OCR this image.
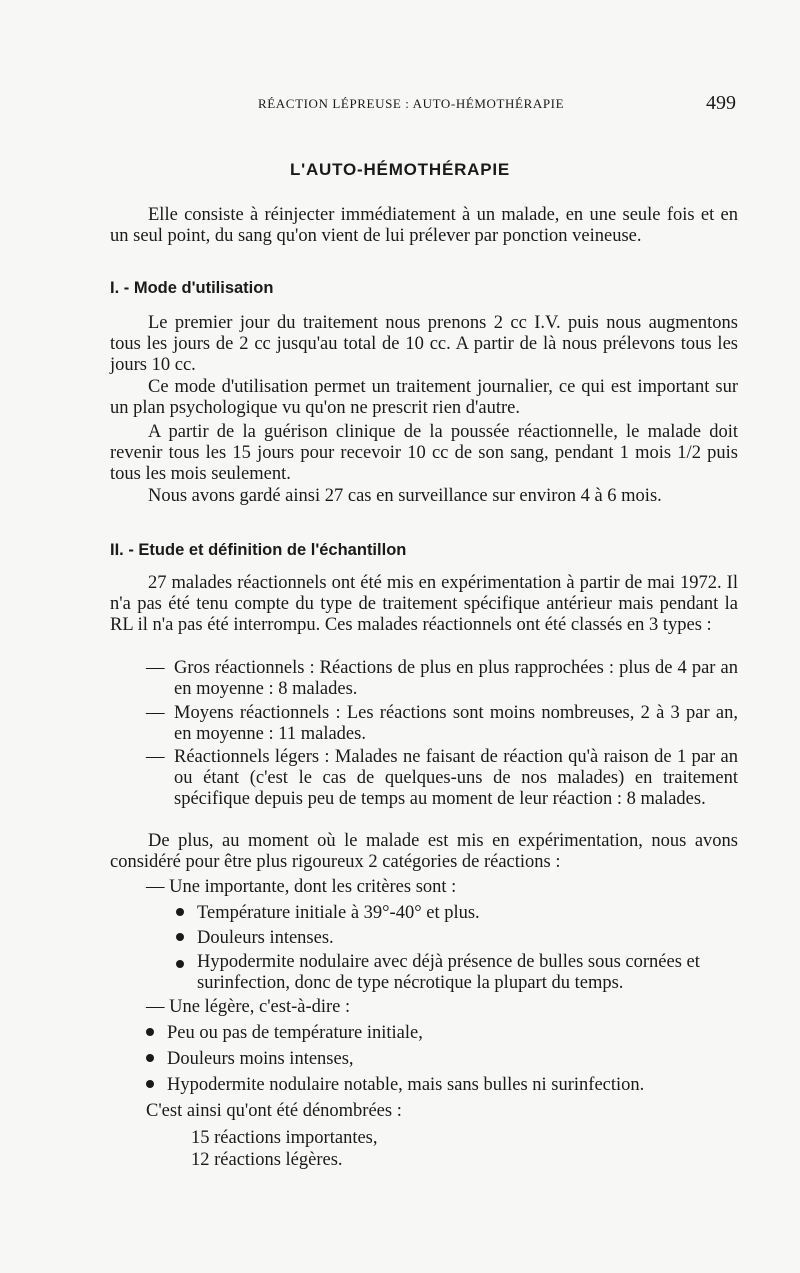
RÉACTION LÉPREUSE : AUTO-HÉMOTHÉRAPIE	499
L'AUTO-HÉMOTHÉRAPIE
Elle consiste à réinjecter immédiatement à un malade, en une seule fois et en un seul point, du sang qu'on vient de lui prélever par ponction veineuse.
I. - Mode d'utilisation
Le premier jour du traitement nous prenons 2 cc I.V. puis nous augmentons tous les jours de 2 cc jusqu'au total de 10 cc. A partir de là nous prélevons tous les jours 10 cc.
Ce mode d'utilisation permet un traitement journalier, ce qui est important sur un plan psychologique vu qu'on ne prescrit rien d'autre.
A partir de la guérison clinique de la poussée réactionnelle, le malade doit revenir tous les 15 jours pour recevoir 10 cc de son sang, pendant 1 mois 1/2 puis tous les mois seulement.
Nous avons gardé ainsi 27 cas en surveillance sur environ 4 à 6 mois.
II. - Etude et définition de l'échantillon
27 malades réactionnels ont été mis en expérimentation à partir de mai 1972. Il n'a pas été tenu compte du type de traitement spécifique antérieur mais pendant la RL il n'a pas été interrompu. Ces malades réactionnels ont été classés en 3 types :
— Gros réactionnels : Réactions de plus en plus rapprochées : plus de 4 par an en moyenne : 8 malades.
— Moyens réactionnels : Les réactions sont moins nombreuses, 2 à 3 par an, en moyenne : 11 malades.
— Réactionnels légers : Malades ne faisant de réaction qu'à raison de 1 par an ou étant (c'est le cas de quelques-uns de nos malades) en traitement spécifique depuis peu de temps au moment de leur réaction : 8 malades.
De plus, au moment où le malade est mis en expérimentation, nous avons considéré pour être plus rigoureux 2 catégories de réactions :
— Une importante, dont les critères sont :
Température initiale à 39°-40° et plus.
Douleurs intenses.
Hypodermite nodulaire avec déjà présence de bulles sous cornées et surinfection, donc de type nécrotique la plupart du temps.
— Une légère, c'est-à-dire :
Peu ou pas de température initiale,
Douleurs moins intenses,
Hypodermite nodulaire notable, mais sans bulles ni surinfection.
C'est ainsi qu'ont été dénombrées :
15 réactions importantes,
12 réactions légères.
